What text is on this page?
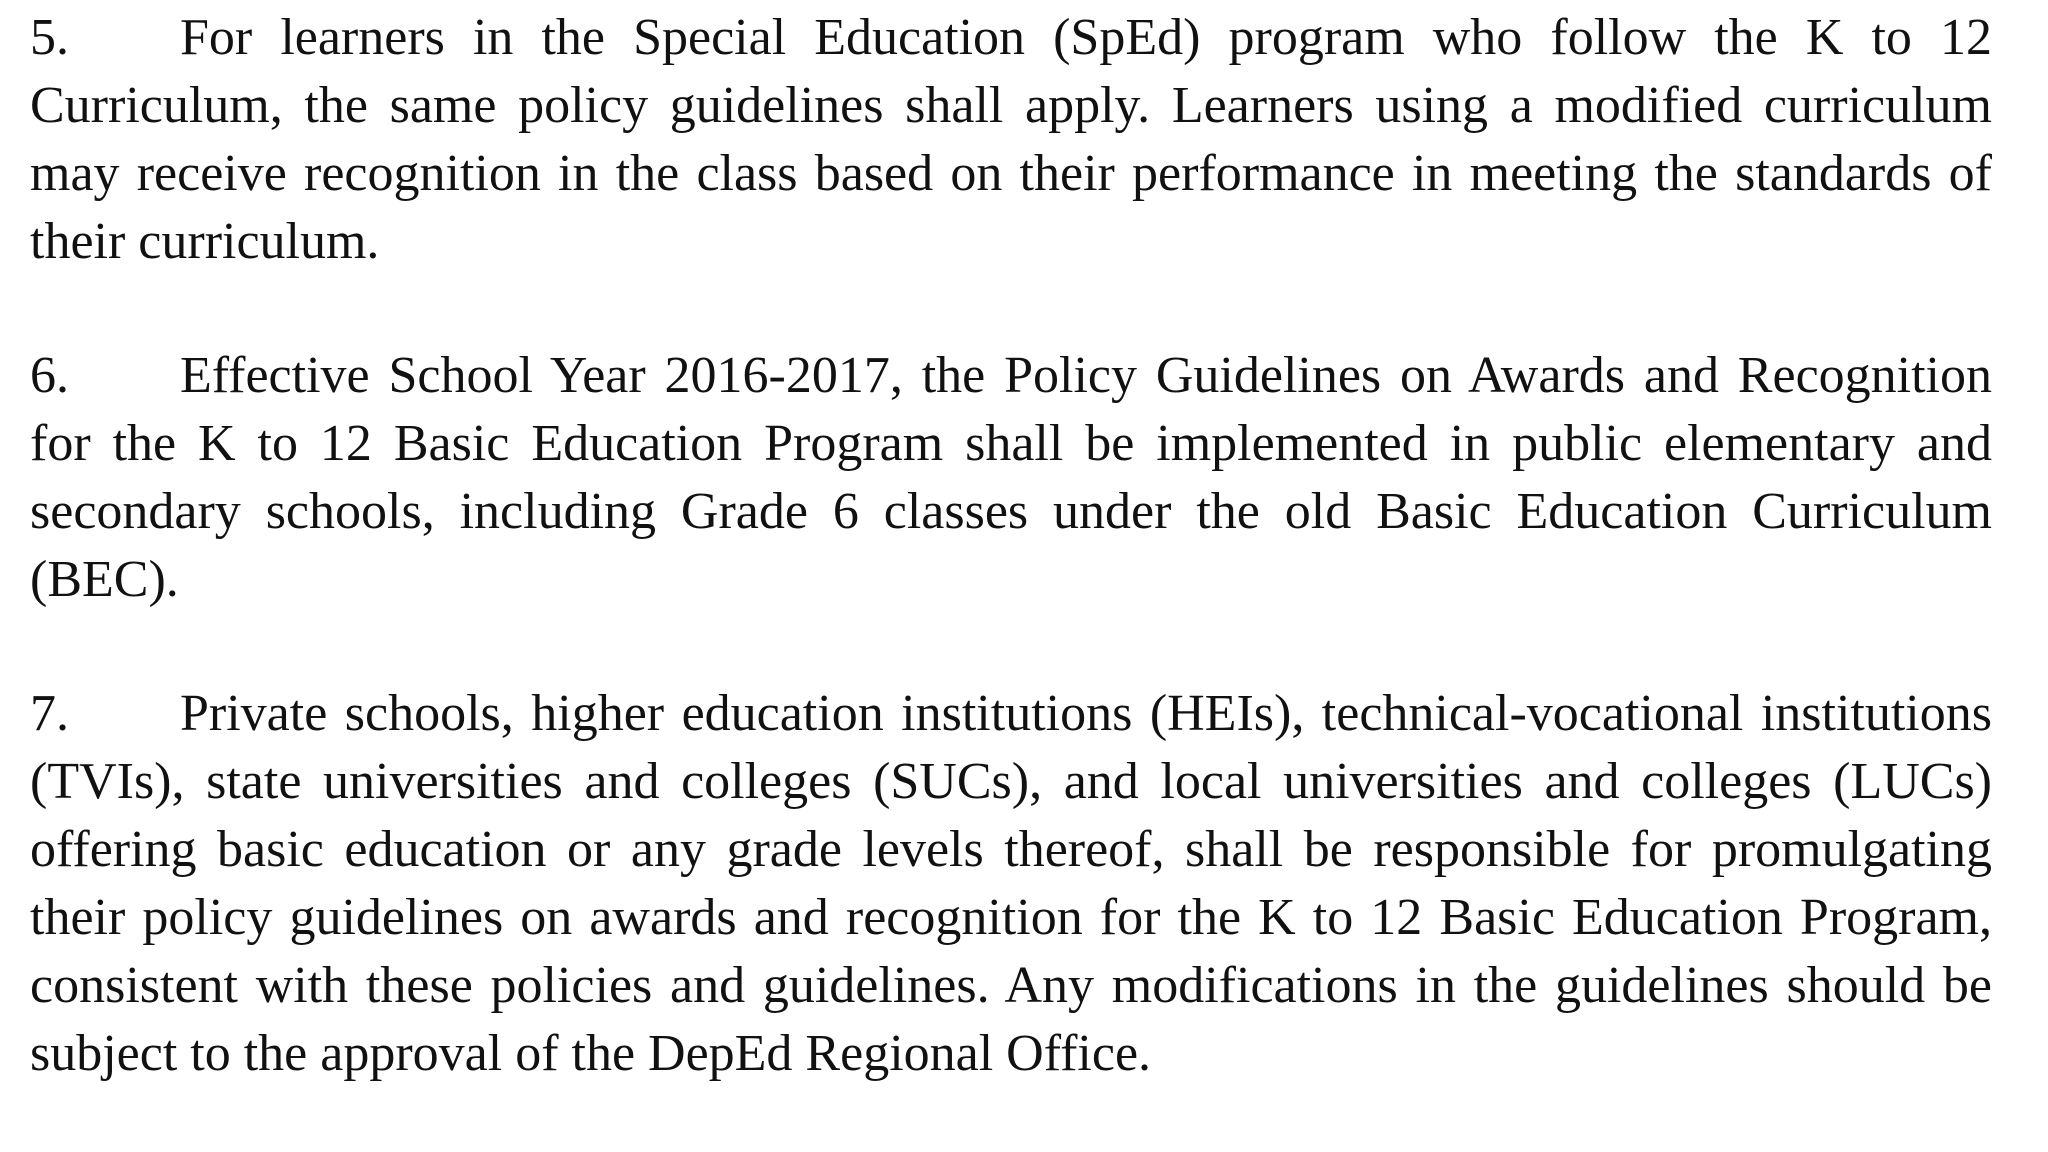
5. For learners in the Special Education (SpEd) program who follow the K to 12 Curriculum, the same policy guidelines shall apply. Learners using a modified curriculum may receive recognition in the class based on their performance in meeting the standards of their curriculum.

6. Effective School Year 2016-2017, the Policy Guidelines on Awards and Recognition for the K to 12 Basic Education Program shall be implemented in public elementary and secondary schools, including Grade 6 classes under the old Basic Education Curriculum (BEC).

7. Private schools, higher education institutions (HEIs), technical-vocational institutions (TVIs), state universities and colleges (SUCs), and local universities and colleges (LUCs) offering basic education or any grade levels thereof, shall be responsible for promulgating their policy guidelines on awards and recognition for the K to 12 Basic Education Program, consistent with these policies and guidelines. Any modifications in the guidelines should be subject to the approval of the DepEd Regional Office.
